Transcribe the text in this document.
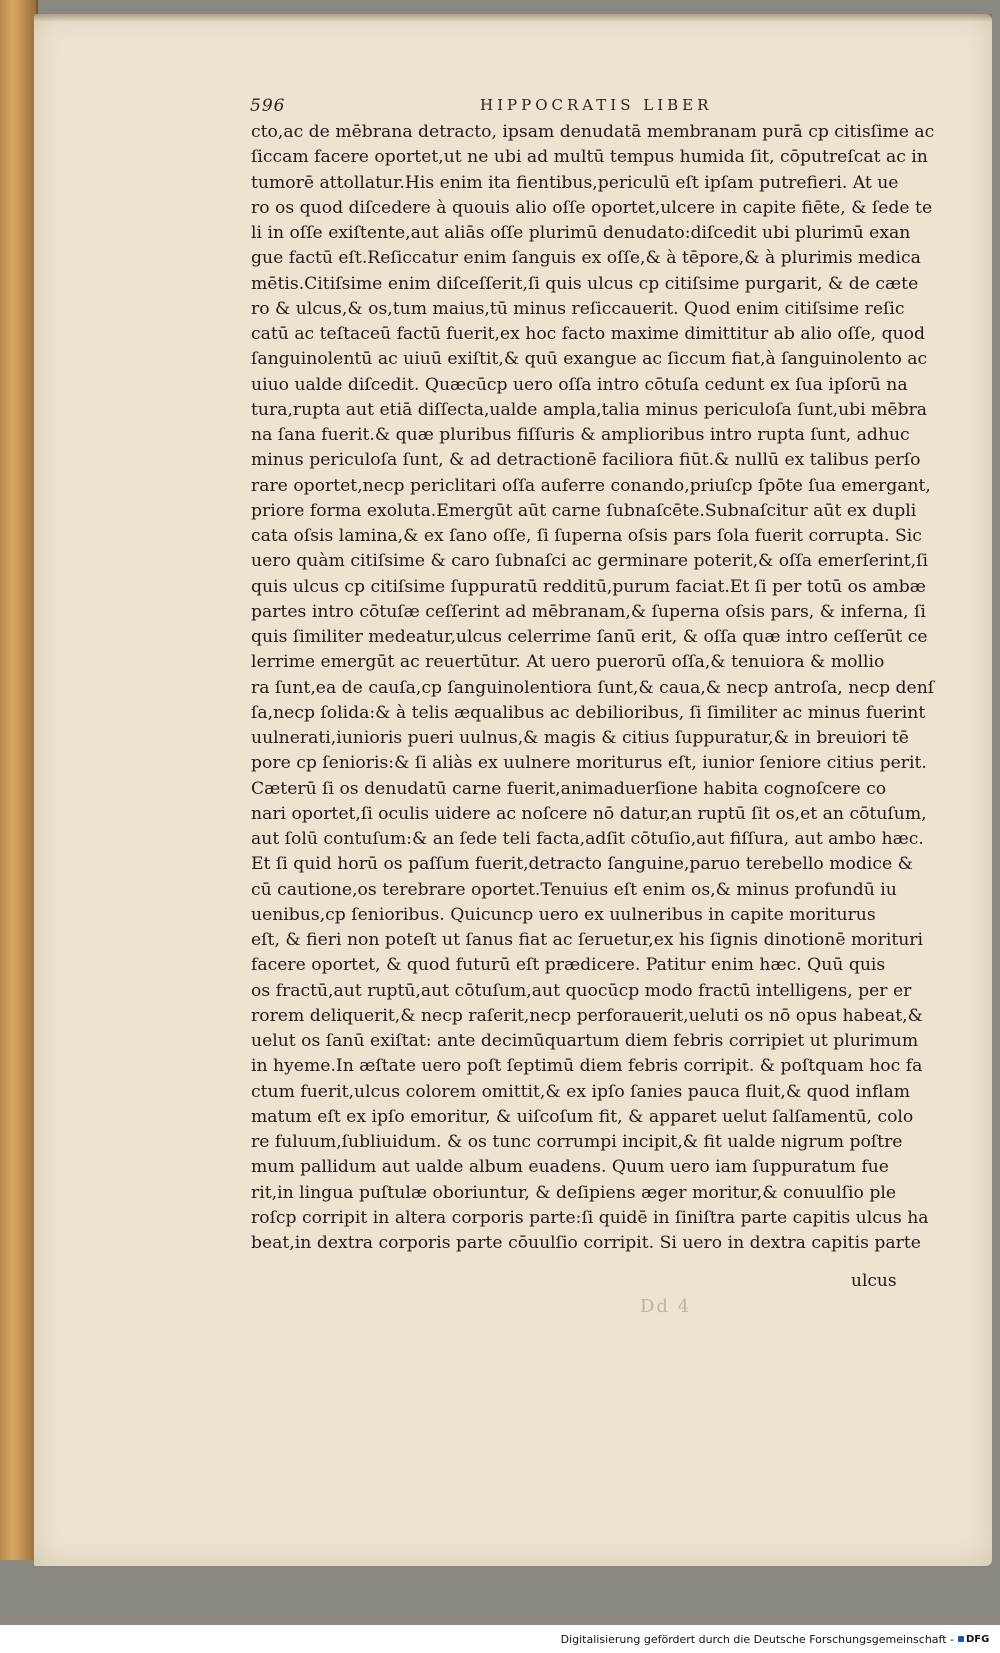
596	HIPPOCRATIS LIBER
cto,ac de mēbrana detracto, ipsam denudatā membranam purā cp citisſime ac
ſiccam facere oportet,ut ne ubi ad multū tempus humida ſit, cōputreſcat ac in
tumorē attollatur.His enim ita fientibus,periculū eſt ipſam putrefieri. At ue
ro os quod diſcedere à quouis alio oſſe oportet,ulcere in capite fiēte, & ſede te
li in oſſe exiſtente,aut aliās oſſe plurimū denudato:diſcedit ubi plurimū exan
gue factū eſt.Reſiccatur enim ſanguis ex oſſe,& à tēpore,& à plurimis medica
mētis.Citiſsime enim diſceſſerit,ſi quis ulcus cp citiſsime purgarit, & de cæte
ro & ulcus,& os,tum maius,tū minus reſiccauerit. Quod enim citiſsime reſic
catū ac teſtaceū factū fuerit,ex hoc facto maxime dimittitur ab alio oſſe, quod
ſanguinolentū ac uiuū exiſtit,& quū exangue ac ſiccum fiat,à ſanguinolento ac
uiuo ualde diſcedit. Quæcūcp uero oſſa intro cōtuſa cedunt ex ſua ipſorū na
tura,rupta aut etiā diſſecta,ualde ampla,talia minus periculoſa ſunt,ubi mēbra
na ſana fuerit.& quæ pluribus fiſſuris & amplioribus intro rupta ſunt, adhuc
minus periculoſa ſunt, & ad detractionē faciliora fiūt.& nullū ex talibus perſo
rare oportet,necp periclitari oſſa auferre conando,priuſcp ſpōte ſua emergant,
priore forma exoluta.Emergūt aūt carne ſubnaſcēte.Subnaſcitur aūt ex dupli
cata oſsis lamina,& ex ſano oſſe, ſi ſuperna oſsis pars ſola fuerit corrupta. Sic
uero quàm citiſsime & caro ſubnaſci ac germinare poterit,& oſſa emerſerint,ſi
quis ulcus cp citiſsime ſuppuratū redditū,purum faciat.Et ſi per totū os ambæ
partes intro cōtuſæ ceſſerint ad mēbranam,& ſuperna oſsis pars, & inferna, ſi
quis ſimiliter medeatur,ulcus celerrime ſanū erit, & oſſa quæ intro ceſſerūt ce
lerrime emergūt ac reuertūtur. At uero puerorū oſſa,& tenuiora & mollio
ra ſunt,ea de cauſa,cp ſanguinolentiora ſunt,& caua,& necp antroſa, necp denſ
ſa,necp ſolida:& à telis æqualibus ac debilioribus, ſi ſimiliter ac minus fuerint
uulnerati,iunioris pueri uulnus,& magis & citius ſuppuratur,& in breuiori tē
pore cp ſenioris:& ſi aliàs ex uulnere moriturus eſt, iunior ſeniore citius perit.
Cæterū ſi os denudatū carne fuerit,animaduerſione habita cognoſcere co
nari oportet,ſi oculis uidere ac noſcere nō datur,an ruptū ſit os,et an cōtuſum,
aut ſolū contuſum:& an ſede teli facta,adſit cōtuſio,aut fiſſura, aut ambo hæc.
Et ſi quid horū os paſſum fuerit,detracto ſanguine,paruo terebello modice &
cū cautione,os terebrare oportet.Tenuius eſt enim os,& minus profundū iu
uenibus,cp ſenioribus. Quicuncp uero ex uulneribus in capite moriturus
eſt, & fieri non poteſt ut ſanus fiat ac ſeruetur,ex his ſignis dinotionē morituri
facere oportet, & quod futurū eſt prædicere. Patitur enim hæc. Quū quis
os fractū,aut ruptū,aut cōtuſum,aut quocūcp modo fractū intelligens, per er
rorem deliquerit,& necp raſerit,necp perforauerit,ueluti os nō opus habeat,&
uelut os ſanū exiſtat: ante decimūquartum diem febris corripiet ut plurimum
in hyeme.In æſtate uero poſt ſeptimū diem febris corripit. & poſtquam hoc fa
ctum fuerit,ulcus colorem omittit,& ex ipſo ſanies pauca fluit,& quod inflam
matum eſt ex ipſo emoritur, & uiſcoſum fit, & apparet uelut ſalſamentū, colo
re fuluum,ſubliuidum. & os tunc corrumpi incipit,& fit ualde nigrum poſtre
mum pallidum aut ualde album euadens. Quum uero iam ſuppuratum fue
rit,in lingua puſtulæ oboriuntur, & deſipiens æger moritur,& conuulſio ple
roſcp corripit in altera corporis parte:ſi quidē in ſiniſtra parte capitis ulcus ha
beat,in dextra corporis parte cōuulſio corripit. Si uero in dextra capitis parte
ulcus
Dd 4
Digitalisierung gefördert durch die Deutsche Forschungsgemeinschaft - DFG
